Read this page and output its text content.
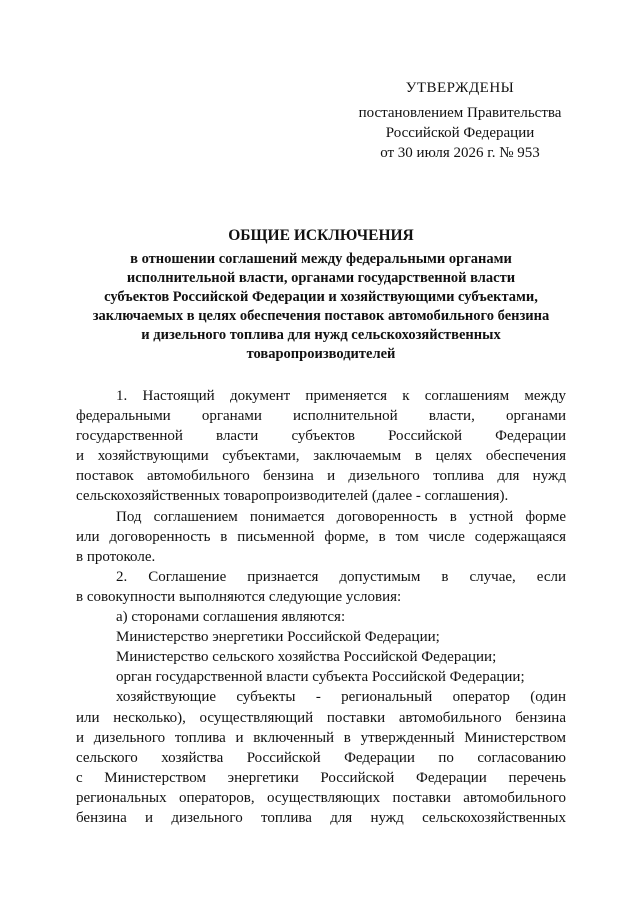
УТВЕРЖДЕНЫ
постановлением Правительства
Российской Федерации
от 30 июля 2026 г. № 953
ОБЩИЕ ИСКЛЮЧЕНИЯ
в отношении соглашений между федеральными органами
исполнительной власти, органами государственной власти
субъектов Российской Федерации и хозяйствующими субъектами,
заключаемых в целях обеспечения поставок автомобильного бензина
и дизельного топлива для нужд сельскохозяйственных
товаропроизводителей
1. Настоящий документ применяется к соглашениям между
федеральными органами исполнительной власти, органами
государственной власти субъектов Российской Федерации
и хозяйствующими субъектами, заключаемым в целях обеспечения
поставок автомобильного бензина и дизельного топлива для нужд
сельскохозяйственных товаропроизводителей (далее - соглашения).
Под соглашением понимается договоренность в устной форме
или договоренность в письменной форме, в том числе содержащаяся
в протоколе.
2. Соглашение признается допустимым в случае, если
в совокупности выполняются следующие условия:
а) сторонами соглашения являются:
Министерство энергетики Российской Федерации;
Министерство сельского хозяйства Российской Федерации;
орган государственной власти субъекта Российской Федерации;
хозяйствующие субъекты - региональный оператор (один
или несколько), осуществляющий поставки автомобильного бензина
и дизельного топлива и включенный в утвержденный Министерством
сельского хозяйства Российской Федерации по согласованию
с Министерством энергетики Российской Федерации перечень
региональных операторов, осуществляющих поставки автомобильного
бензина и дизельного топлива для нужд сельскохозяйственных
